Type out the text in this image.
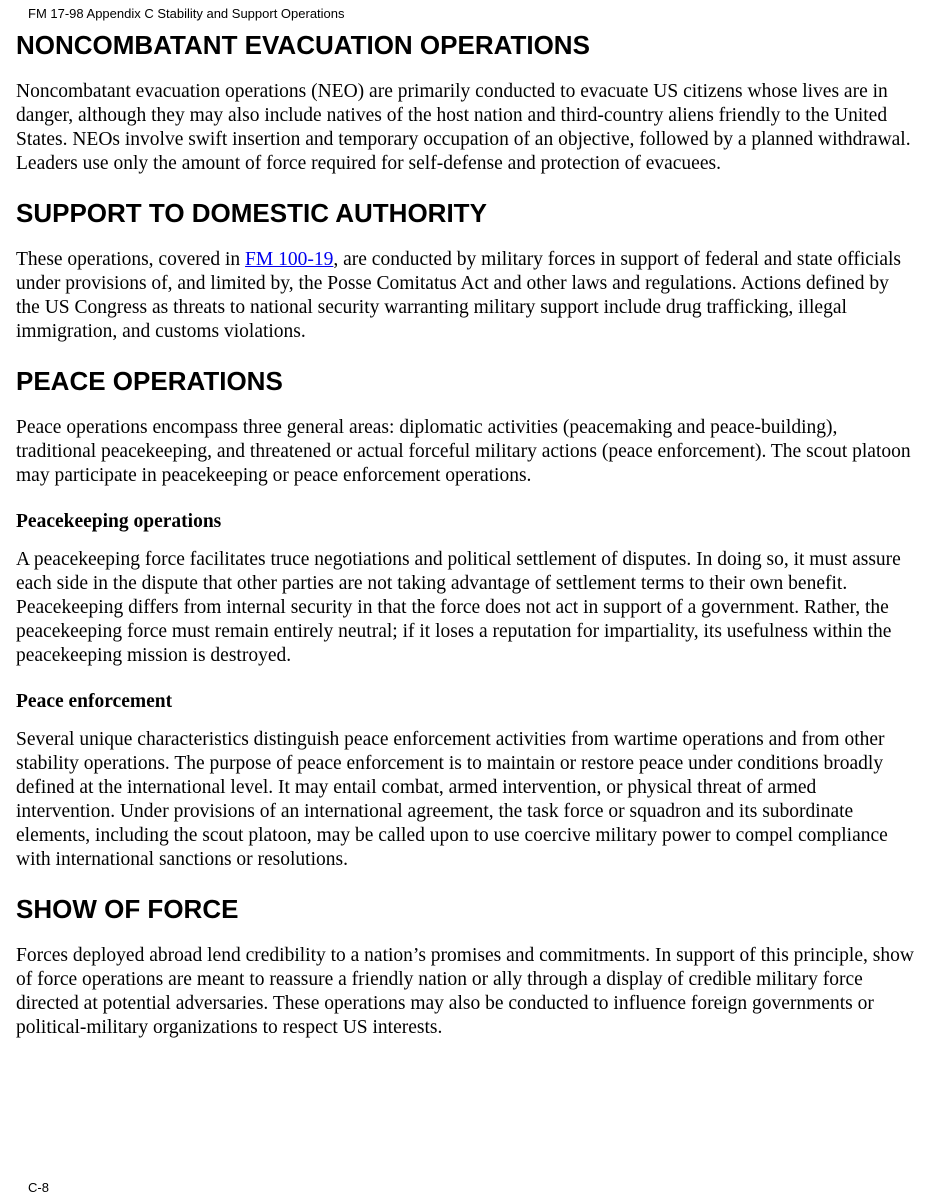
FM 17-98 Appendix C Stability and Support Operations
NONCOMBATANT EVACUATION OPERATIONS

Noncombatant evacuation operations (NEO) are primarily conducted to evacuate US citizens whose lives are in danger, although they may also include natives of the host nation and third-country aliens friendly to the United States. NEOs involve swift insertion and temporary occupation of an objective, followed by a planned withdrawal. Leaders use only the amount of force required for self-defense and protection of evacuees.

SUPPORT TO DOMESTIC AUTHORITY

These operations, covered in FM 100-19, are conducted by military forces in support of federal and state officials under provisions of, and limited by, the Posse Comitatus Act and other laws and regulations. Actions defined by the US Congress as threats to national security warranting military support include drug trafficking, illegal immigration, and customs violations.

PEACE OPERATIONS

Peace operations encompass three general areas: diplomatic activities (peacemaking and peace-building), traditional peacekeeping, and threatened or actual forceful military actions (peace enforcement). The scout platoon may participate in peacekeeping or peace enforcement operations.

Peacekeeping operations

A peacekeeping force facilitates truce negotiations and political settlement of disputes. In doing so, it must assure each side in the dispute that other parties are not taking advantage of settlement terms to their own benefit. Peacekeeping differs from internal security in that the force does not act in support of a government. Rather, the peacekeeping force must remain entirely neutral; if it loses a reputation for impartiality, its usefulness within the peacekeeping mission is destroyed.

Peace enforcement

Several unique characteristics distinguish peace enforcement activities from wartime operations and from other stability operations. The purpose of peace enforcement is to maintain or restore peace under conditions broadly defined at the international level. It may entail combat, armed intervention, or physical threat of armed intervention. Under provisions of an international agreement, the task force or squadron and its subordinate elements, including the scout platoon, may be called upon to use coercive military power to compel compliance with international sanctions or resolutions.

SHOW OF FORCE

Forces deployed abroad lend credibility to a nation’s promises and commitments. In support of this principle, show of force operations are meant to reassure a friendly nation or ally through a display of credible military force directed at potential adversaries. These operations may also be conducted to influence foreign governments or political-military organizations to respect US interests.

C-8
